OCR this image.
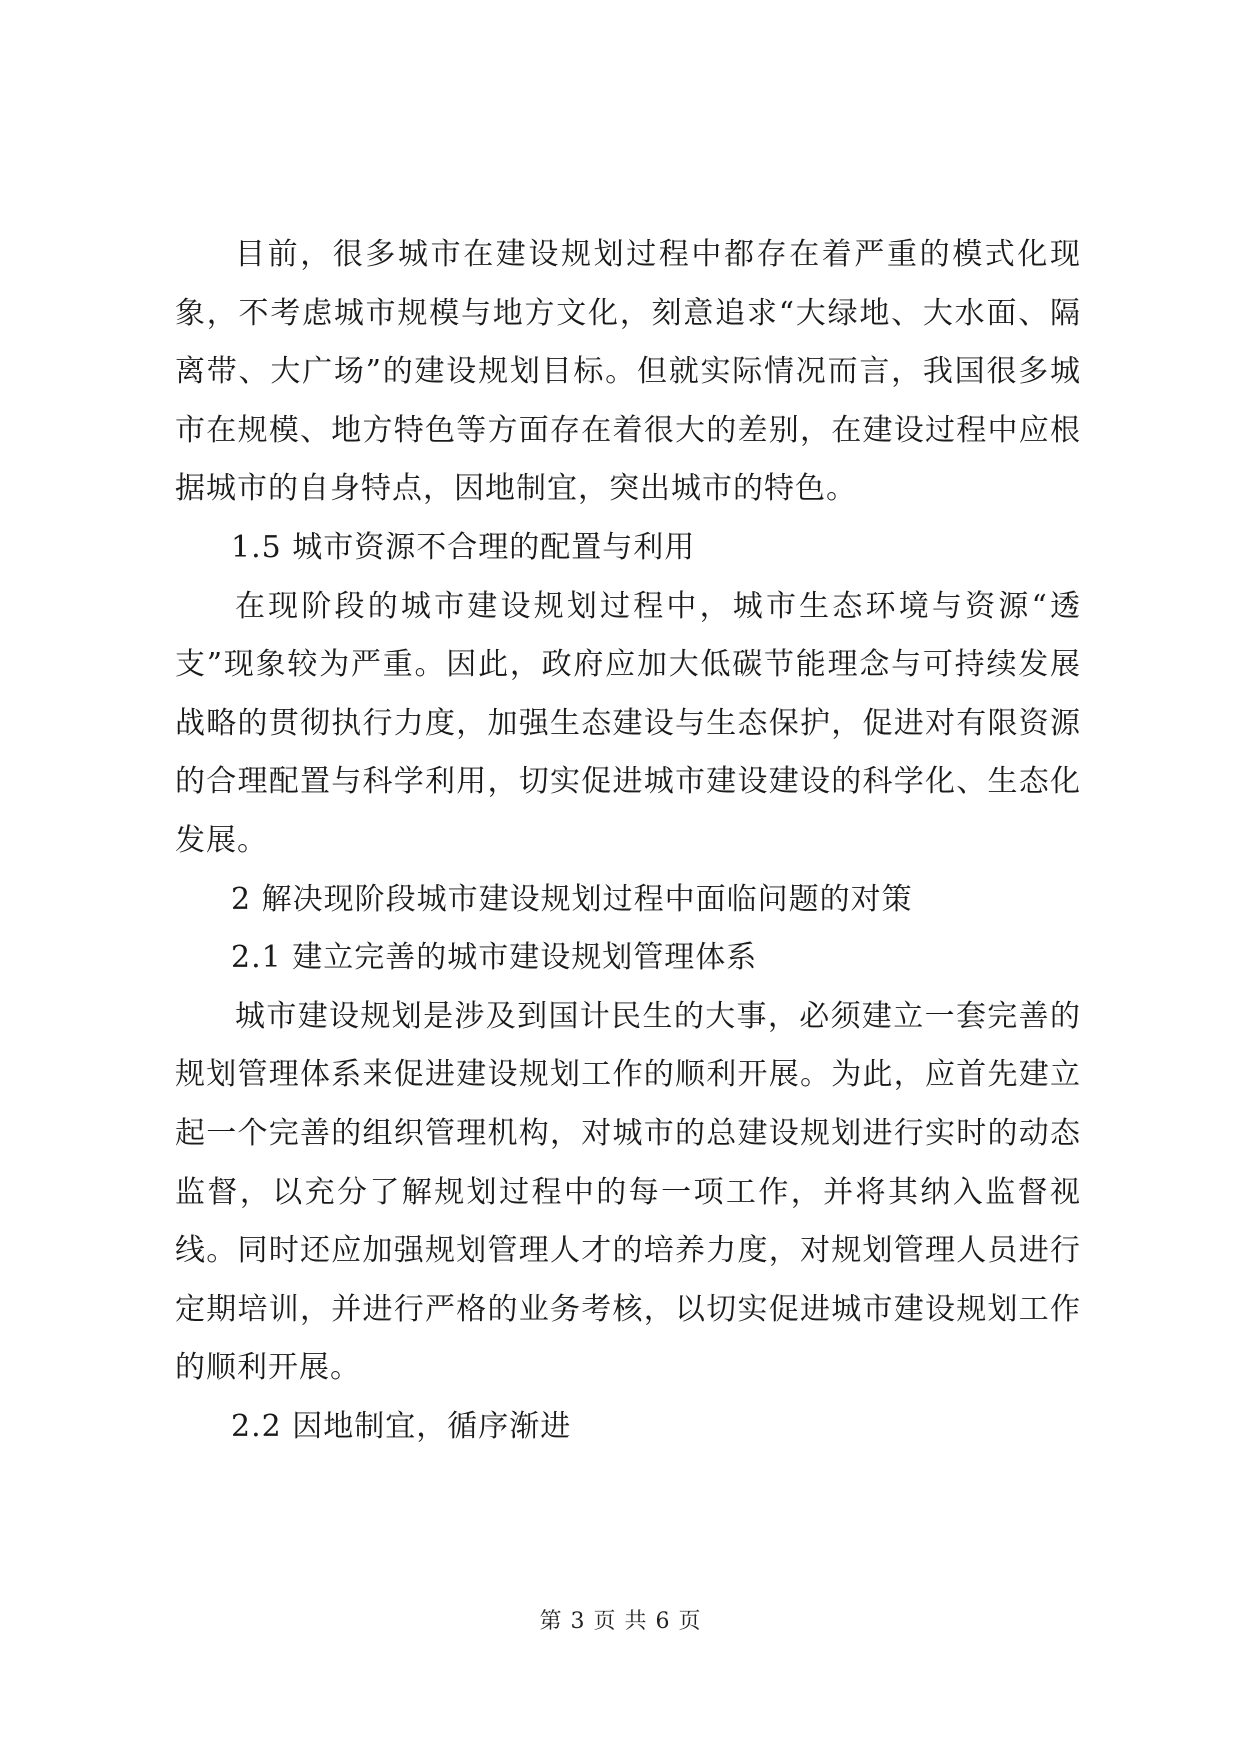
目前，很多城市在建设规划过程中都存在着严重的模式化现象，不考虑城市规模与地方文化，刻意追求“大绿地、大水面、隔离带、大广场”的建设规划目标。但就实际情况而言，我国很多城市在规模、地方特色等方面存在着很大的差别，在建设过程中应根据城市的自身特点，因地制宜，突出城市的特色。

1.5 城市资源不合理的配置与利用

在现阶段的城市建设规划过程中，城市生态环境与资源“透支”现象较为严重。因此，政府应加大低碳节能理念与可持续发展战略的贯彻执行力度，加强生态建设与生态保护，促进对有限资源的合理配置与科学利用，切实促进城市建设建设的科学化、生态化发展。

2 解决现阶段城市建设规划过程中面临问题的对策

2.1 建立完善的城市建设规划管理体系

城市建设规划是涉及到国计民生的大事，必须建立一套完善的规划管理体系来促进建设规划工作的顺利开展。为此，应首先建立起一个完善的组织管理机构，对城市的总建设规划进行实时的动态监督，以充分了解规划过程中的每一项工作，并将其纳入监督视线。同时还应加强规划管理人才的培养力度，对规划管理人员进行定期培训，并进行严格的业务考核，以切实促进城市建设规划工作的顺利开展。

2.2 因地制宜，循序渐进

第 3 页 共 6 页
